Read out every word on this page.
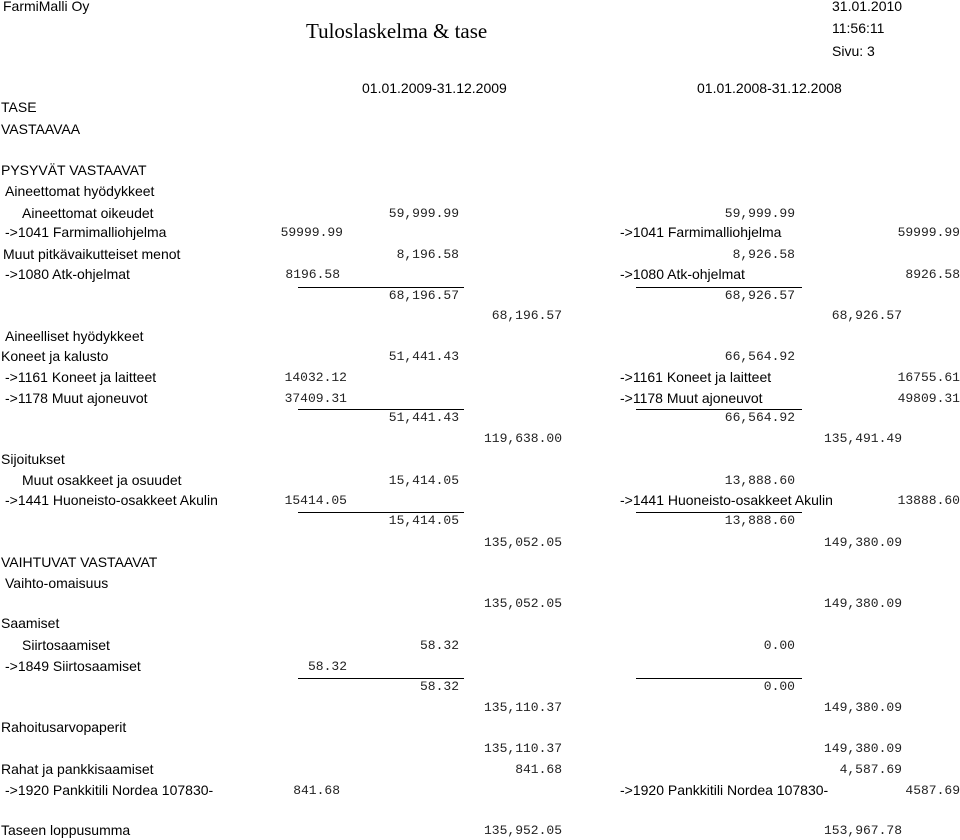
FarmiMalli Oy
Tuloslaskelma & tase
31.01.2010
11:56:11
Sivu: 3
01.01.2009-31.12.2009	01.01.2008-31.12.2008
TASE
VASTAAVAA
PYSYVÄT VASTAAVAT
Aineettomat hyödykkeet
Aineettomat oikeudet	59,999.99	59,999.99
->1041 Farmimalliohjelma	59999.99	->1041 Farmimalliohjelma	59999.99
Muut pitkävaikutteiset menot	8,196.58	8,926.58
->1080 Atk-ohjelmat	8196.58	->1080 Atk-ohjelmat	8926.58
68,196.57	68,926.57
68,196.57	68,926.57
Aineelliset hyödykkeet
Koneet ja kalusto	51,441.43	66,564.92
->1161 Koneet ja laitteet	14032.12	->1161 Koneet ja laitteet	16755.61
->1178 Muut ajoneuvot	37409.31	->1178 Muut ajoneuvot	49809.31
51,441.43	66,564.92
119,638.00	135,491.49
Sijoitukset
Muut osakkeet ja osuudet	15,414.05	13,888.60
->1441 Huoneisto-osakkeet Akulin	15414.05	->1441 Huoneisto-osakkeet Akulin	13888.60
15,414.05	13,888.60
135,052.05	149,380.09
VAIHTUVAT VASTAAVAT
Vaihto-omaisuus
135,052.05	149,380.09
Saamiset
Siirtosaamiset	58.32	0.00
->1849 Siirtosaamiset	58.32
58.32	0.00
135,110.37	149,380.09
Rahoitusarvopaperit
135,110.37	149,380.09
Rahat ja pankkisaamiset	841.68	4,587.69
->1920 Pankkitili Nordea 107830-	841.68	->1920 Pankkitili Nordea 107830-	4587.69
Taseen loppusumma	135,952.05	153,967.78
